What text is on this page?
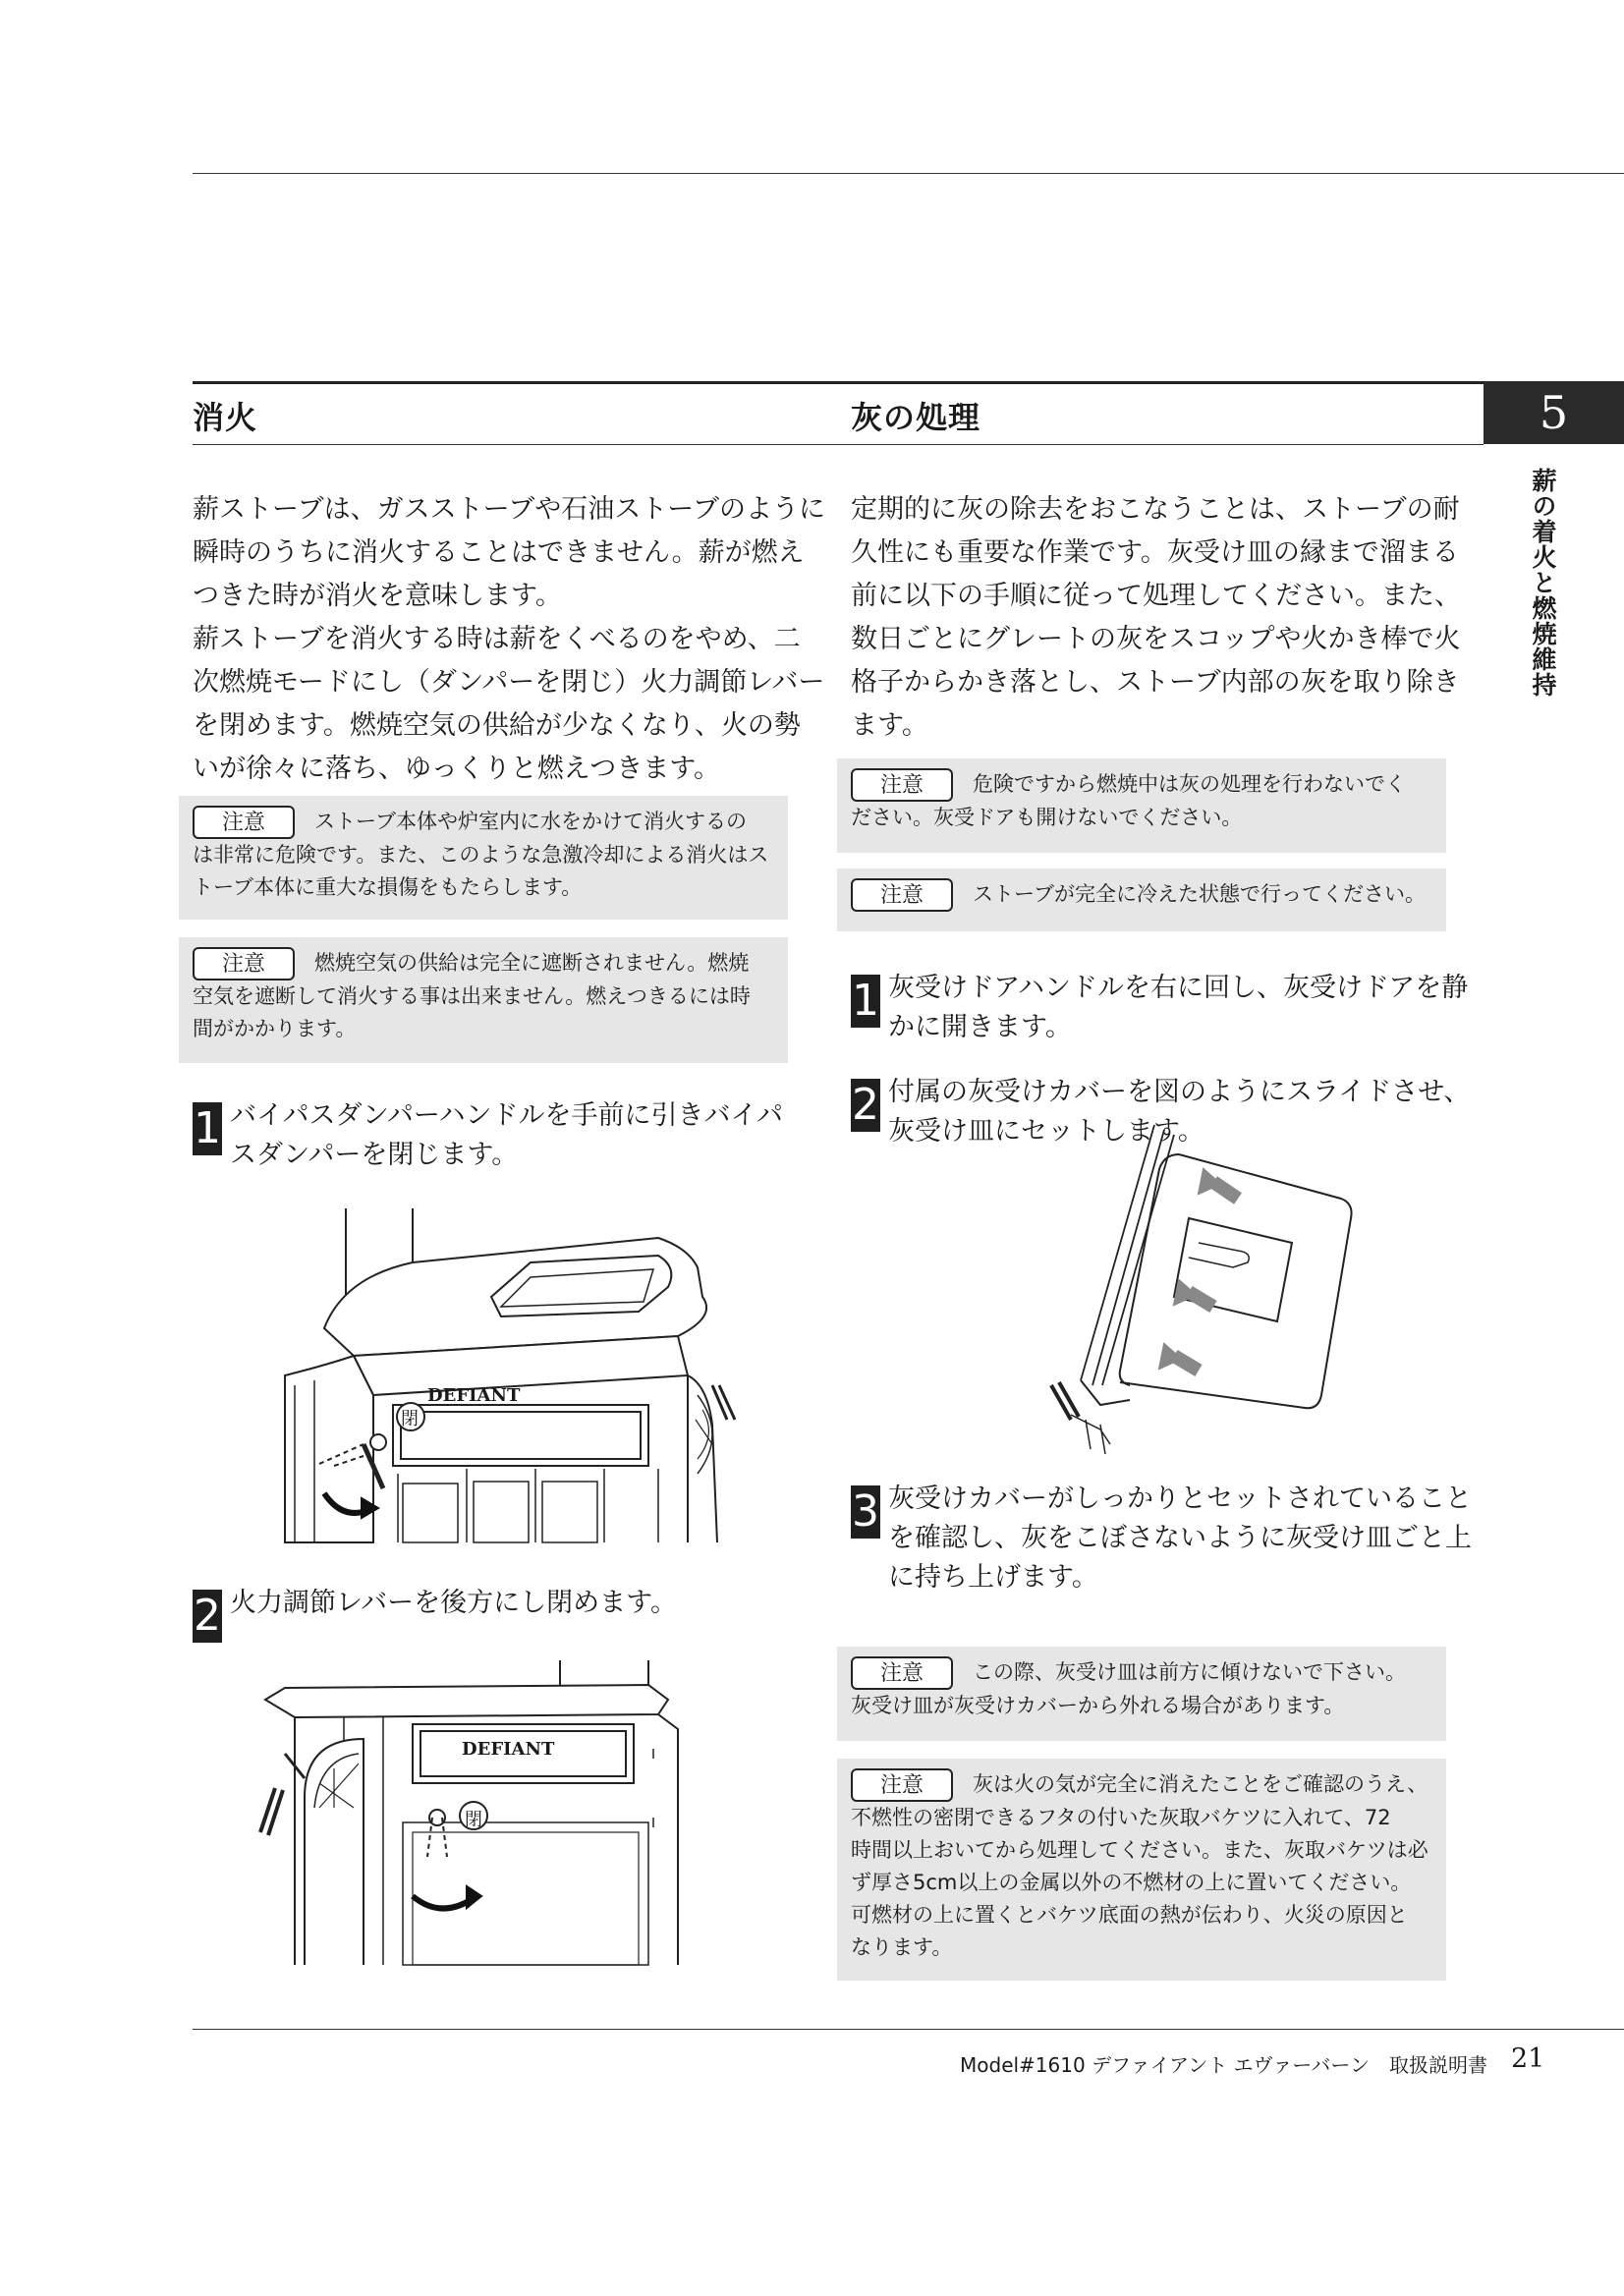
5
薪の着火と燃焼維持
消火	灰の処理
薪ストーブは、ガスストーブや石油ストーブのように
瞬時のうちに消火することはできません。薪が燃え
つきた時が消火を意味します。
薪ストーブを消火する時は薪をくべるのをやめ、二
次燃焼モードにし（ダンパーを閉じ）火力調節レバー
を閉めます。燃焼空気の供給が少なくなり、火の勢
いが徐々に落ち、ゆっくりと燃えつきます。
注意 ストーブ本体や炉室内に水をかけて消火するの
は非常に危険です。また、このような急激冷却による消火はス
トーブ本体に重大な損傷をもたらします。
注意 燃焼空気の供給は完全に遮断されません。燃焼
空気を遮断して消火する事は出来ません。燃えつきるには時
間がかかります。
1 バイパスダンパーハンドルを手前に引きバイパ
スダンパーを閉じます。
DEFIANT
閉
2 火力調節レバーを後方にし閉めます。
DEFIANT
閉
定期的に灰の除去をおこなうことは、ストーブの耐
久性にも重要な作業です。灰受け皿の縁まで溜まる
前に以下の手順に従って処理してください。また、
数日ごとにグレートの灰をスコップや火かき棒で火
格子からかき落とし、ストーブ内部の灰を取り除き
ます。
注意 危険ですから燃焼中は灰の処理を行わないでく
ださい。灰受ドアも開けないでください。
注意 ストーブが完全に冷えた状態で行ってください。
1 灰受けドアハンドルを右に回し、灰受けドアを静
かに開きます。
2 付属の灰受けカバーを図のようにスライドさせ、
灰受け皿にセットします。
3 灰受けカバーがしっかりとセットされていること
を確認し、灰をこぼさないように灰受け皿ごと上
に持ち上げます。
注意 この際、灰受け皿は前方に傾けないで下さい。
灰受け皿が灰受けカバーから外れる場合があります。
注意 灰は火の気が完全に消えたことをご確認のうえ、
不燃性の密閉できるフタの付いた灰取バケツに入れて、72
時間以上おいてから処理してください。また、灰取バケツは必
ず厚さ5cm以上の金属以外の不燃材の上に置いてください。
可燃材の上に置くとバケツ底面の熱が伝わり、火災の原因と
なります。
Model#1610 デファイアント エヴァーバーン　取扱説明書 21
